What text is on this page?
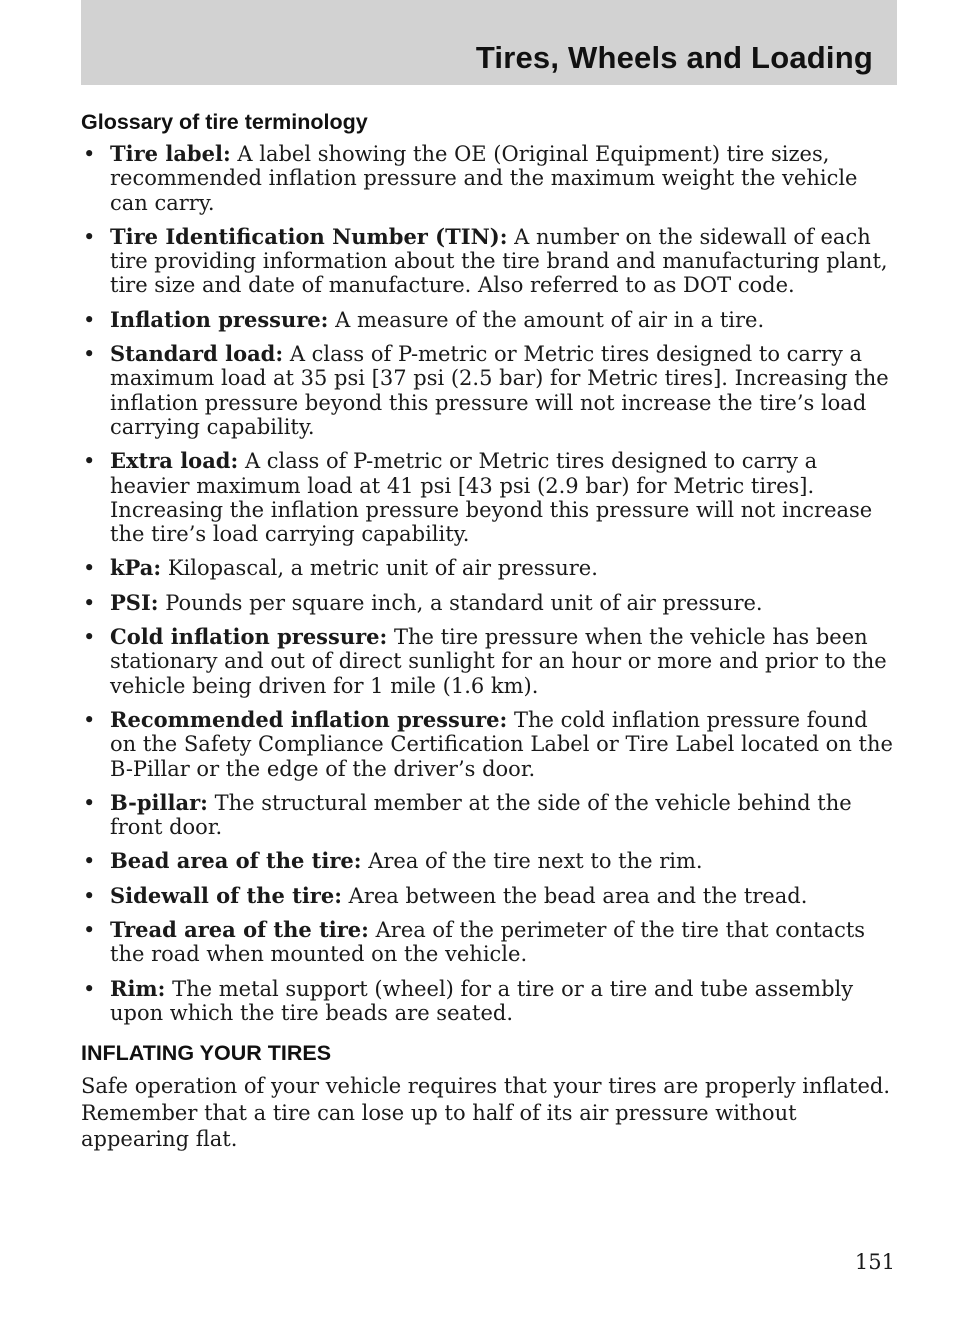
Tires, Wheels and Loading
Glossary of tire terminology
• Tire label: A label showing the OE (Original Equipment) tire sizes, recommended inflation pressure and the maximum weight the vehicle can carry.
• Tire Identification Number (TIN): A number on the sidewall of each tire providing information about the tire brand and manufacturing plant, tire size and date of manufacture. Also referred to as DOT code.
• Inflation pressure: A measure of the amount of air in a tire.
• Standard load: A class of P-metric or Metric tires designed to carry a maximum load at 35 psi [37 psi (2.5 bar) for Metric tires]. Increasing the inflation pressure beyond this pressure will not increase the tire’s load carrying capability.
• Extra load: A class of P-metric or Metric tires designed to carry a heavier maximum load at 41 psi [43 psi (2.9 bar) for Metric tires]. Increasing the inflation pressure beyond this pressure will not increase the tire’s load carrying capability.
• kPa: Kilopascal, a metric unit of air pressure.
• PSI: Pounds per square inch, a standard unit of air pressure.
• Cold inflation pressure: The tire pressure when the vehicle has been stationary and out of direct sunlight for an hour or more and prior to the vehicle being driven for 1 mile (1.6 km).
• Recommended inflation pressure: The cold inflation pressure found on the Safety Compliance Certification Label or Tire Label located on the B-Pillar or the edge of the driver’s door.
• B-pillar: The structural member at the side of the vehicle behind the front door.
• Bead area of the tire: Area of the tire next to the rim.
• Sidewall of the tire: Area between the bead area and the tread.
• Tread area of the tire: Area of the perimeter of the tire that contacts the road when mounted on the vehicle.
• Rim: The metal support (wheel) for a tire or a tire and tube assembly upon which the tire beads are seated.
INFLATING YOUR TIRES

Safe operation of your vehicle requires that your tires are properly inflated. Remember that a tire can lose up to half of its air pressure without appearing flat.

151
